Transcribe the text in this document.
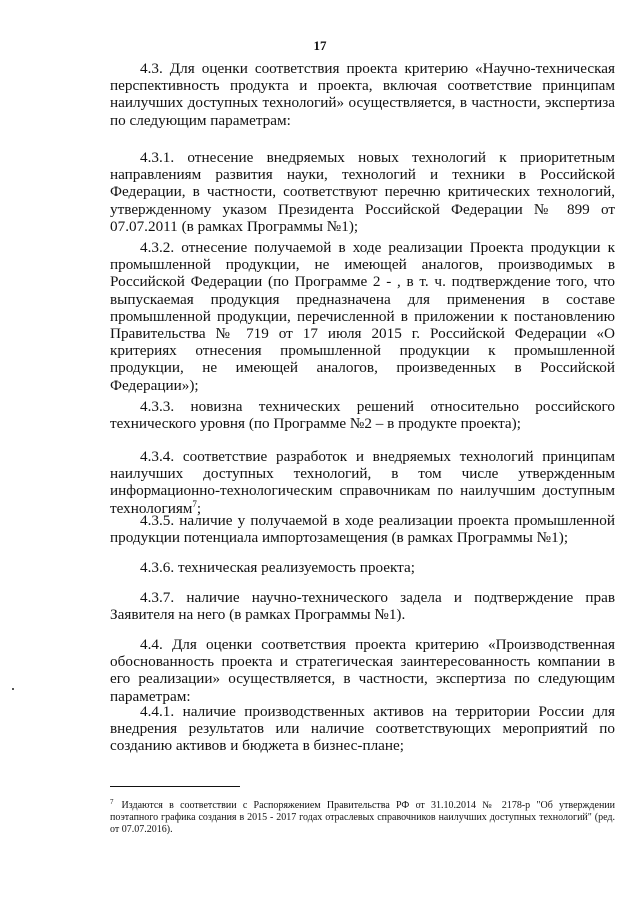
17

4.3. Для оценки соответствия проекта критерию «Научно-техническая перспективность продукта и проекта, включая соответствие принципам наилучших доступных технологий» осуществляется, в частности, экспертиза по следующим параметрам:

4.3.1. отнесение внедряемых новых технологий к приоритетным направлениям развития науки, технологий и техники в Российской Федерации, в частности, соответствуют перечню критических технологий, утвержденному указом Президента Российской Федерации № 899 от 07.07.2011 (в рамках Программы №1);

4.3.2. отнесение получаемой в ходе реализации Проекта продукции к промышленной продукции, не имеющей аналогов, производимых в Российской Федерации (по Программе 2 - , в т. ч. подтверждение того, что выпускаемая продукция предназначена для применения в составе промышленной продукции, перечисленной в приложении к постановлению Правительства № 719 от 17 июля 2015 г. Российской Федерации «О критериях отнесения промышленной продукции к промышленной продукции, не имеющей аналогов, произведенных в Российской Федерации»);

4.3.3. новизна технических решений относительно российского технического уровня (по Программе №2 – в продукте проекта);

4.3.4. соответствие разработок и внедряемых технологий принципам наилучших доступных технологий, в том числе утвержденным информационно-технологическим справочникам по наилучшим доступным технологиям$^7$;

4.3.5. наличие у получаемой в ходе реализации проекта промышленной продукции потенциала импортозамещения (в рамках Программы №1);

4.3.6. техническая реализуемость проекта;

4.3.7. наличие научно-технического задела и подтверждение прав Заявителя на него (в рамках Программы №1).

4.4. Для оценки соответствия проекта критерию «Производственная обоснованность проекта и стратегическая заинтересованность компании в его реализации» осуществляется, в частности, экспертиза по следующим параметрам:

4.4.1. наличие производственных активов на территории России для внедрения результатов или наличие соответствующих мероприятий по созданию активов и бюджета в бизнес-плане;

$^7$ Издаются в соответствии с Распоряжением Правительства РФ от 31.10.2014 № 2178-р "Об утверждении поэтапного графика создания в 2015 - 2017 годах отраслевых справочников наилучших доступных технологий" (ред. от 07.07.2016).
